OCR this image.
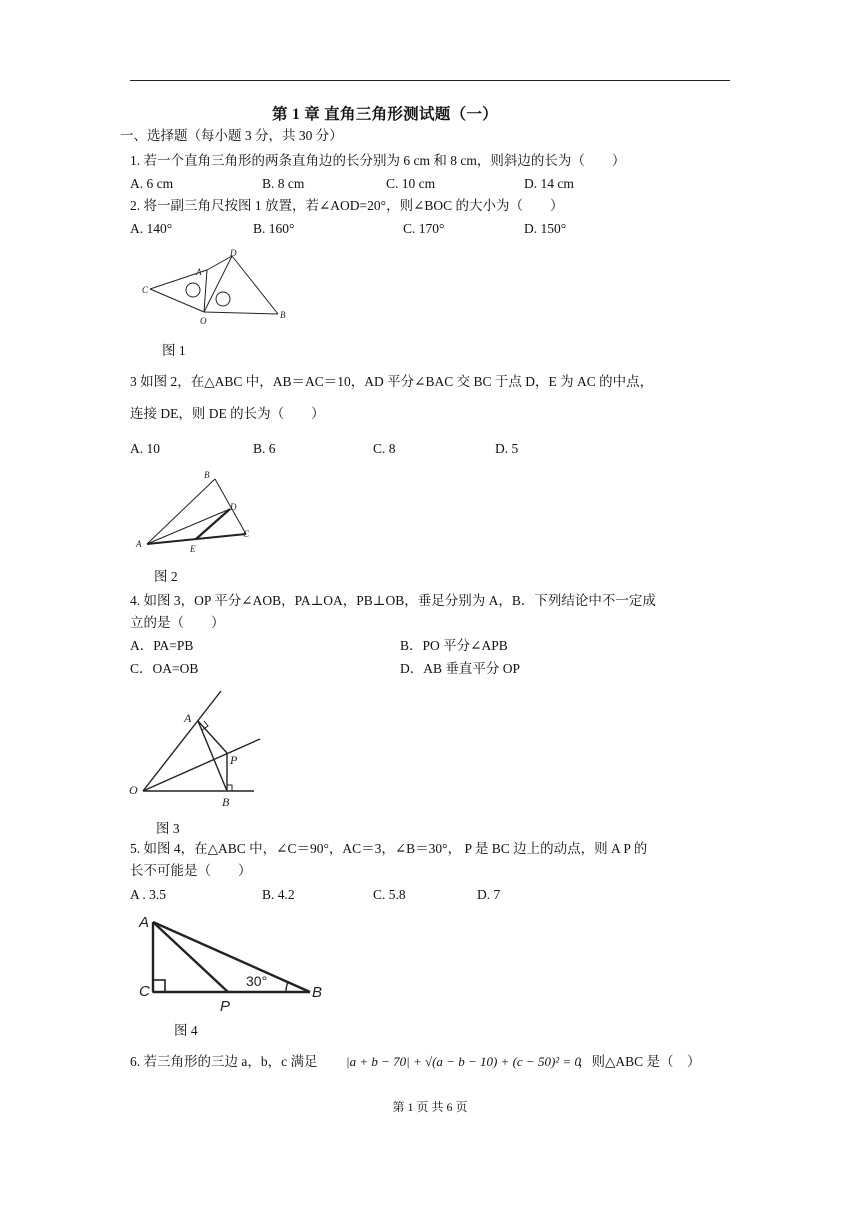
第 1 章 直角三角形测试题（一）
一、选择题（每小题 3 分，共 30 分）
1. 若一个直角三角形的两条直角边的长分别为 6 cm 和 8 cm，则斜边的长为（　　）
A. 6 cm	B. 8 cm	C. 10 cm	D. 14 cm
2. 将一副三角尺按图 1 放置，若∠AOD=20°，则∠BOC 的大小为（　　）
A. 140°	B. 160°	C. 170°	D. 150°
C
A
D
O
B
图 1
3 如图 2，在△ABC 中，AB＝AC＝10，AD 平分∠BAC 交 BC 于点 D，E 为 AC 的中点，
连接 DE，则 DE 的长为（　　）
A. 10	B. 6	C. 8	D. 5
B
D
C
A	E
图 2
4. 如图 3，OP 平分∠AOB，PA⊥OA，PB⊥OB，垂足分别为 A，B．下列结论中不一定成
立的是（　　）
A．PA=PB	B．PO 平分∠APB
C．OA=OB	D．AB 垂直平分 OP
A
P
O
B
图 3
5. 如图 4，在△ABC 中，∠C＝90°，AC＝3，∠B＝30°， P 是 BC 边上的动点，则 A P 的
长不可能是（　　）
A . 3.5	B. 4.2	C. 5.8	D. 7
A
C
P
30°
B
图 4
6. 若三角形的三边 a，b，c 满足 |a + b − 70| + √(a − b − 10) + (c − 50)² = 0
，则△ABC 是（　）
第 1 页 共 6 页
